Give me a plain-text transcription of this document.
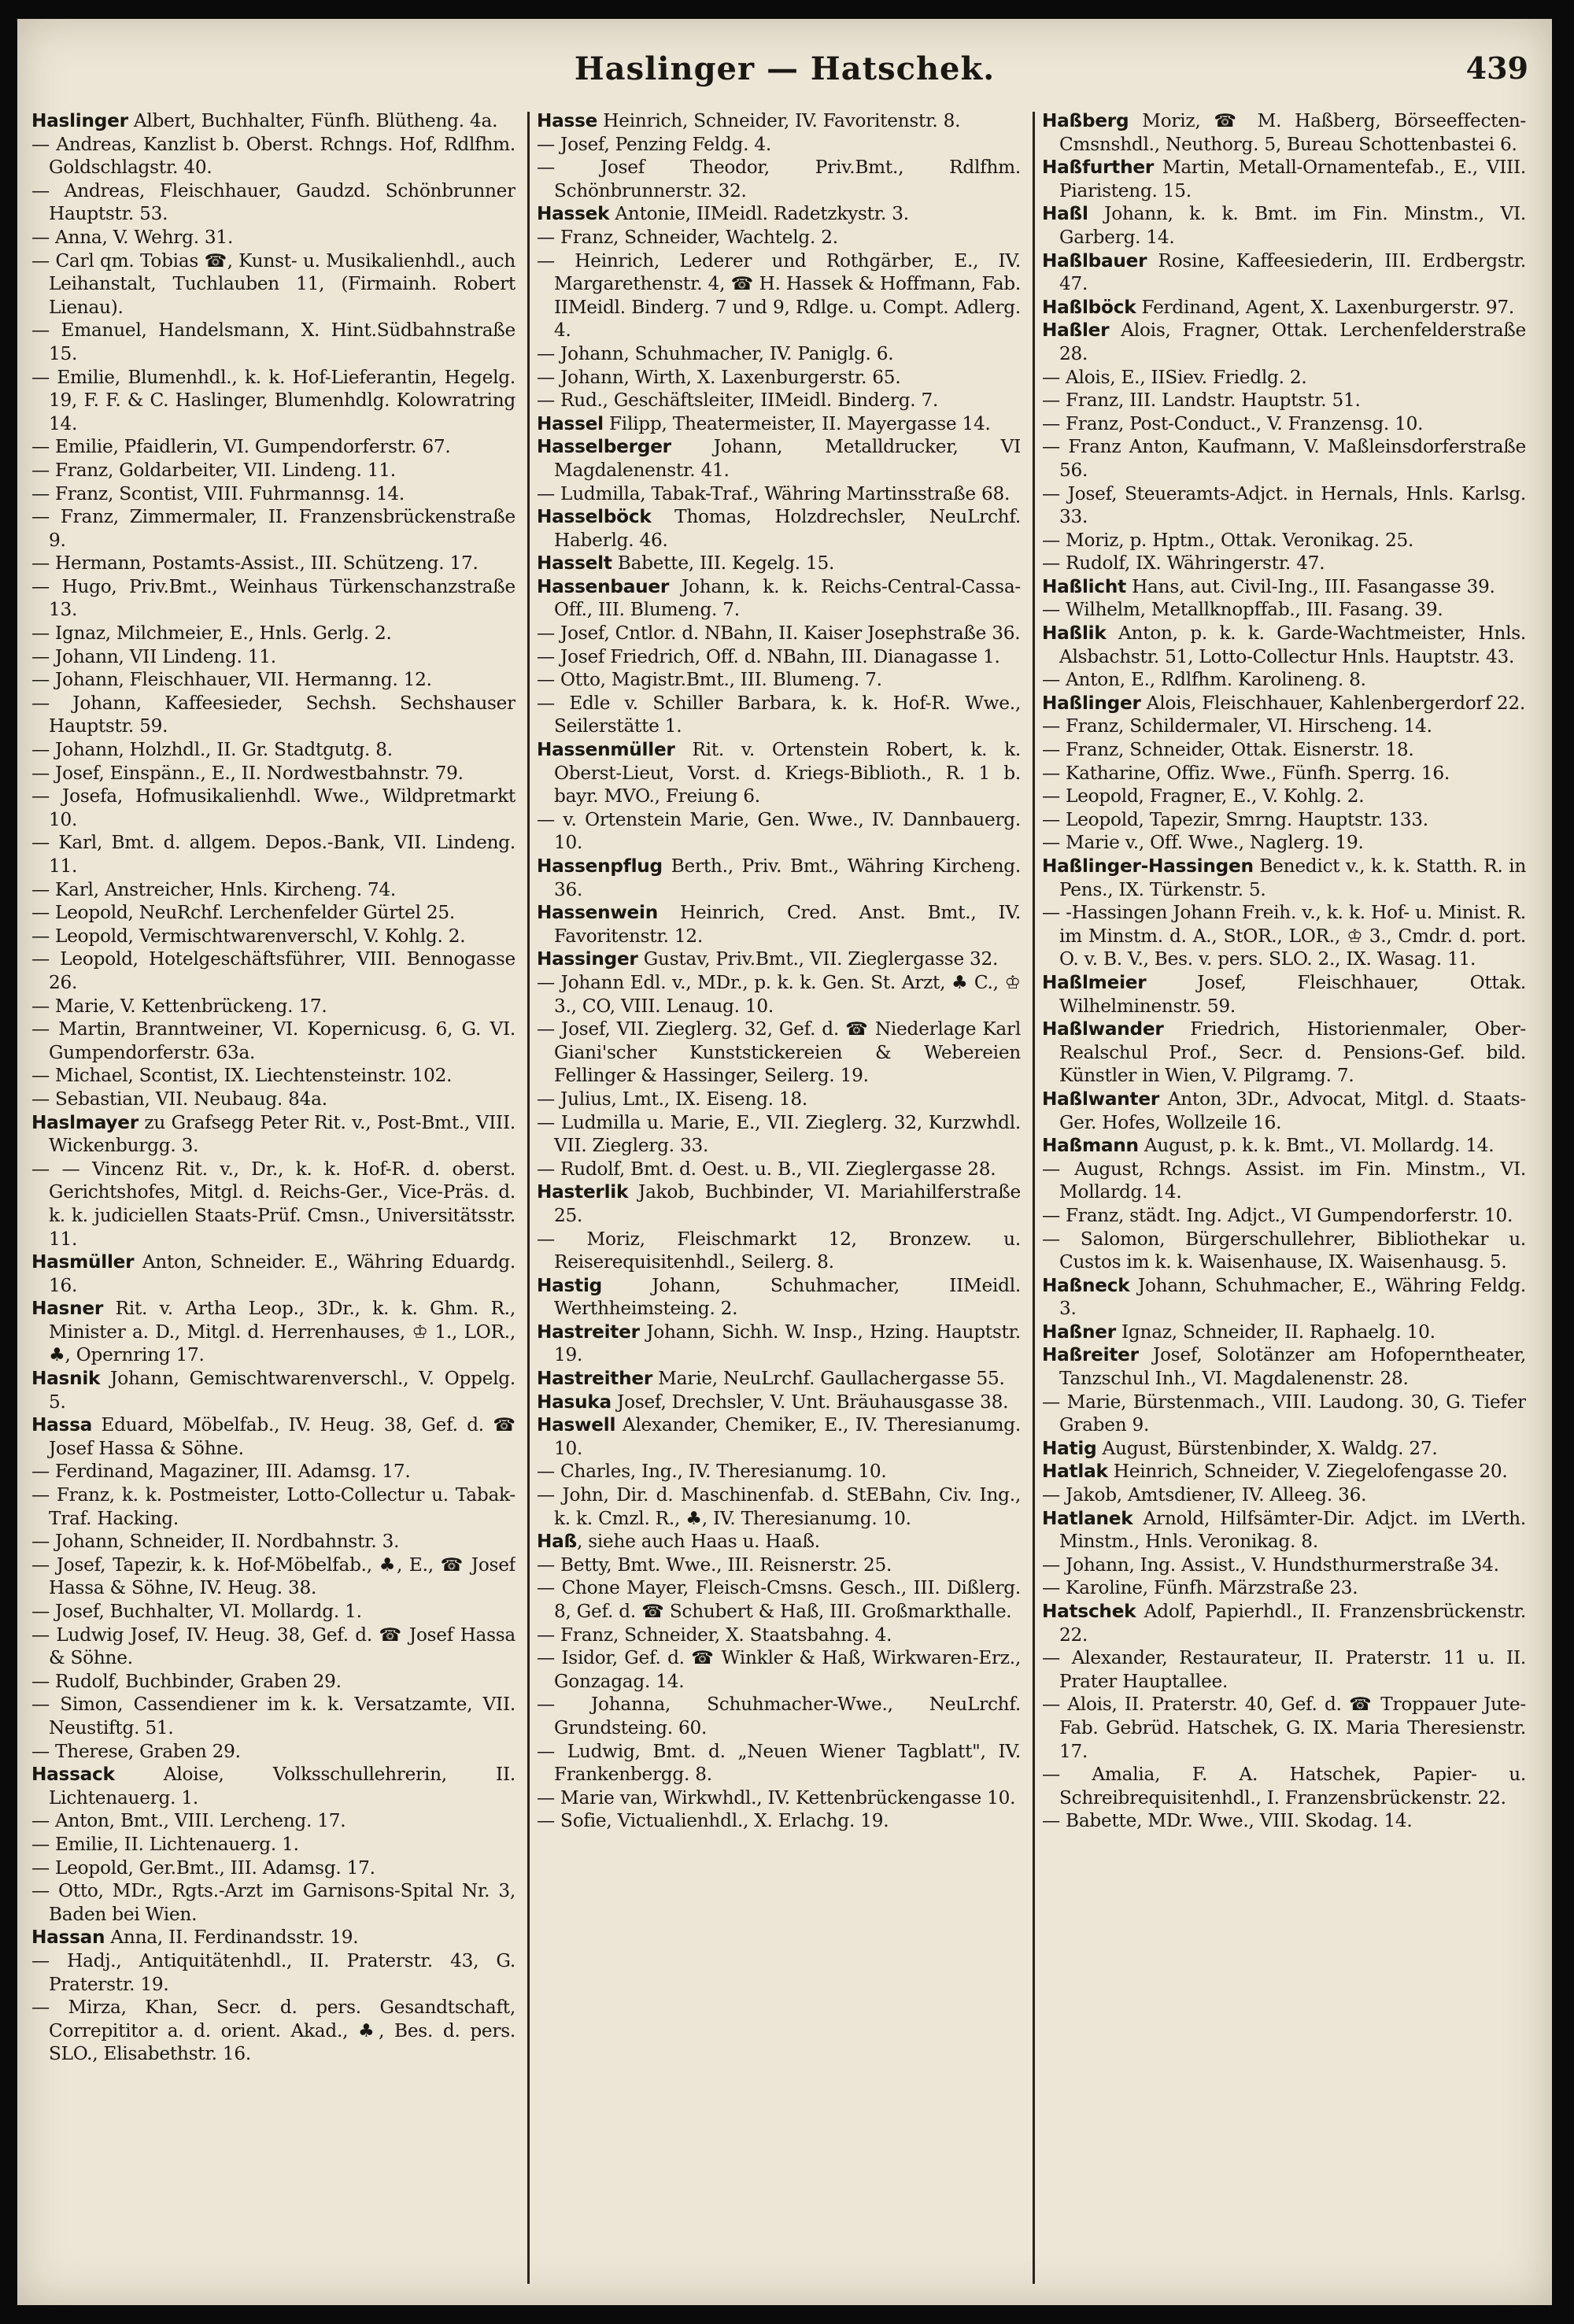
Haslinger — Hatschek.	439
Haslinger Albert, Buchhalter, Fünfh. Blütheng. 4a.
— Andreas, Kanzlist b. Oberst. Rchngs. Hof, Rdlfhm. Goldschlagstr. 40.
— Andreas, Fleischhauer, Gaudzd. Schönbrunner Hauptstr. 53.
— Anna, V. Wehrg. 31.
— Carl qm. Tobias ☎, Kunst- u. Musikalienhdl., auch Leihanstalt, Tuchlauben 11, (Firmainh. Robert Lienau).
— Emanuel, Handelsmann, X. Hint.Südbahnstraße 15.
— Emilie, Blumenhdl., k. k. Hof-Lieferantin, Hegelg. 19, F. F. & C. Haslinger, Blumenhdlg. Kolowratring 14.
— Emilie, Pfaidlerin, VI. Gumpendorferstr. 67.
— Franz, Goldarbeiter, VII. Lindeng. 11.
— Franz, Scontist, VIII. Fuhrmannsg. 14.
— Franz, Zimmermaler, II. Franzensbrückenstraße 9.
— Hermann, Postamts-Assist., III. Schützeng. 17.
— Hugo, Priv.Bmt., Weinhaus Türkenschanzstraße 13.
— Ignaz, Milchmeier, E., Hnls. Gerlg. 2.
— Johann, VII Lindeng. 11.
— Johann, Fleischhauer, VII. Hermanng. 12.
— Johann, Kaffeesieder, Sechsh. Sechshauser Hauptstr. 59.
— Johann, Holzhdl., II. Gr. Stadtgutg. 8.
— Josef, Einspänn., E., II. Nordwestbahnstr. 79.
— Josefa, Hofmusikalienhdl. Wwe., Wildpretmarkt 10.
— Karl, Bmt. d. allgem. Depos.-Bank, VII. Lindeng. 11.
— Karl, Anstreicher, Hnls. Kircheng. 74.
— Leopold, NeuRchf. Lerchenfelder Gürtel 25.
— Leopold, Vermischtwarenverschl, V. Kohlg. 2.
— Leopold, Hotelgeschäftsführer, VIII. Bennogasse 26.
— Marie, V. Kettenbrückeng. 17.
— Martin, Branntweiner, VI. Kopernicusg. 6, G. VI. Gumpendorferstr. 63a.
— Michael, Scontist, IX. Liechtensteinstr. 102.
— Sebastian, VII. Neubaug. 84a.
Haslmayer zu Grafsegg Peter Rit. v., Post-Bmt., VIII. Wickenburgg. 3.
— — Vincenz Rit. v., Dr., k. k. Hof-R. d. oberst. Gerichtshofes, Mitgl. d. Reichs-Ger., Vice-Präs. d. k. k. judiciellen Staats-Prüf. Cmsn., Universitätsstr. 11.
Hasmüller Anton, Schneider. E., Währing Eduardg. 16.
Hasner Rit. v. Artha Leop., 3Dr., k. k. Ghm. R., Minister a. D., Mitgl. d. Herrenhauses, ♔ 1., LOR., ♣, Opernring 17.
Hasnik Johann, Gemischtwarenverschl., V. Oppelg. 5.
Hassa Eduard, Möbelfab., IV. Heug. 38, Gef. d. ☎ Josef Hassa & Söhne.
— Ferdinand, Magaziner, III. Adamsg. 17.
— Franz, k. k. Postmeister, Lotto-Collectur u. Tabak-Traf. Hacking.
— Johann, Schneider, II. Nordbahnstr. 3.
— Josef, Tapezir, k. k. Hof-Möbelfab., ♣, E., ☎ Josef Hassa & Söhne, IV. Heug. 38.
— Josef, Buchhalter, VI. Mollardg. 1.
— Ludwig Josef, IV. Heug. 38, Gef. d. ☎ Josef Hassa & Söhne.
— Rudolf, Buchbinder, Graben 29.
— Simon, Cassendiener im k. k. Versatzamte, VII. Neustiftg. 51.
— Therese, Graben 29.
Hassack Aloise, Volksschullehrerin, II. Lichtenauerg. 1.
— Anton, Bmt., VIII. Lercheng. 17.
— Emilie, II. Lichtenauerg. 1.
— Leopold, Ger.Bmt., III. Adamsg. 17.
— Otto, MDr., Rgts.-Arzt im Garnisons-Spital Nr. 3, Baden bei Wien.
Hassan Anna, II. Ferdinandsstr. 19.
— Hadj., Antiquitätenhdl., II. Praterstr. 43, G. Praterstr. 19.
— Mirza, Khan, Secr. d. pers. Gesandtschaft, Correpititor a. d. orient. Akad., ♣, Bes. d. pers. SLO., Elisabethstr. 16.
Hasse Heinrich, Schneider, IV. Favoritenstr. 8.
— Josef, Penzing Feldg. 4.
— Josef Theodor, Priv.Bmt., Rdlfhm. Schönbrunnerstr. 32.
Hassek Antonie, IIMeidl. Radetzkystr. 3.
— Franz, Schneider, Wachtelg. 2.
— Heinrich, Lederer und Rothgärber, E., IV. Margarethenstr. 4, ☎ H. Hassek & Hoffmann, Fab. IIMeidl. Binderg. 7 und 9, Rdlge. u. Compt. Adlerg. 4.
— Johann, Schuhmacher, IV. Paniglg. 6.
— Johann, Wirth, X. Laxenburgerstr. 65.
— Rud., Geschäftsleiter, IIMeidl. Binderg. 7.
Hassel Filipp, Theatermeister, II. Mayergasse 14.
Hasselberger Johann, Metalldrucker, VI Magdalenenstr. 41.
— Ludmilla, Tabak-Traf., Währing Martinsstraße 68.
Hasselböck Thomas, Holzdrechsler, NeuLrchf. Haberlg. 46.
Hasselt Babette, III. Kegelg. 15.
Hassenbauer Johann, k. k. Reichs-Central-Cassa-Off., III. Blumeng. 7.
— Josef, Cntlor. d. NBahn, II. Kaiser Josephstraße 36.
— Josef Friedrich, Off. d. NBahn, III. Dianagasse 1.
— Otto, Magistr.Bmt., III. Blumeng. 7.
— Edle v. Schiller Barbara, k. k. Hof-R. Wwe., Seilerstätte 1.
Hassenmüller Rit. v. Ortenstein Robert, k. k. Oberst-Lieut, Vorst. d. Kriegs-Biblioth., R. 1 b. bayr. MVO., Freiung 6.
— v. Ortenstein Marie, Gen. Wwe., IV. Dannbauerg. 10.
Hassenpflug Berth., Priv. Bmt., Währing Kircheng. 36.
Hassenwein Heinrich, Cred. Anst. Bmt., IV. Favoritenstr. 12.
Hassinger Gustav, Priv.Bmt., VII. Zieglergasse 32.
— Johann Edl. v., MDr., p. k. k. Gen. St. Arzt, ♣ C., ♔ 3., CO, VIII. Lenaug. 10.
— Josef, VII. Zieglerg. 32, Gef. d. ☎ Niederlage Karl Giani'scher Kunststickereien & Webereien Fellinger & Hassinger, Seilerg. 19.
— Julius, Lmt., IX. Eiseng. 18.
— Ludmilla u. Marie, E., VII. Zieglerg. 32, Kurzwhdl. VII. Zieglerg. 33.
— Rudolf, Bmt. d. Oest. u. B., VII. Zieglergasse 28.
Hasterlik Jakob, Buchbinder, VI. Mariahilferstraße 25.
— Moriz, Fleischmarkt 12, Bronzew. u. Reiserequisitenhdl., Seilerg. 8.
Hastig Johann, Schuhmacher, IIMeidl. Werthheimsteing. 2.
Hastreiter Johann, Sichh. W. Insp., Hzing. Hauptstr. 19.
Hastreither Marie, NeuLrchf. Gaullachergasse 55.
Hasuka Josef, Drechsler, V. Unt. Bräuhausgasse 38.
Haswell Alexander, Chemiker, E., IV. Theresianumg. 10.
— Charles, Ing., IV. Theresianumg. 10.
— John, Dir. d. Maschinenfab. d. StEBahn, Civ. Ing., k. k. Cmzl. R., ♣, IV. Theresianumg. 10.
Haß, siehe auch Haas u. Haaß.
— Betty, Bmt. Wwe., III. Reisnerstr. 25.
— Chone Mayer, Fleisch-Cmsns. Gesch., III. Dißlerg. 8, Gef. d. ☎ Schubert & Haß, III. Großmarkthalle.
— Franz, Schneider, X. Staatsbahng. 4.
— Isidor, Gef. d. ☎ Winkler & Haß, Wirkwaren-Erz., Gonzagag. 14.
— Johanna, Schuhmacher-Wwe., NeuLrchf. Grundsteing. 60.
— Ludwig, Bmt. d. „Neuen Wiener Tagblatt", IV. Frankenbergg. 8.
— Marie van, Wirkwhdl., IV. Kettenbrückengasse 10.
— Sofie, Victualienhdl., X. Erlachg. 19.
Haßberg Moriz, ☎ M. Haßberg, Börseeffecten-Cmsnshdl., Neuthorg. 5, Bureau Schottenbastei 6.
Haßfurther Martin, Metall-Ornamentefab., E., VIII. Piaristeng. 15.
Haßl Johann, k. k. Bmt. im Fin. Minstm., VI. Garberg. 14.
Haßlbauer Rosine, Kaffeesiederin, III. Erdbergstr. 47.
Haßlböck Ferdinand, Agent, X. Laxenburgerstr. 97.
Haßler Alois, Fragner, Ottak. Lerchenfelderstraße 28.
— Alois, E., IISiev. Friedlg. 2.
— Franz, III. Landstr. Hauptstr. 51.
— Franz, Post-Conduct., V. Franzensg. 10.
— Franz Anton, Kaufmann, V. Maßleinsdorferstraße 56.
— Josef, Steueramts-Adjct. in Hernals, Hnls. Karlsg. 33.
— Moriz, p. Hptm., Ottak. Veronikag. 25.
— Rudolf, IX. Währingerstr. 47.
Haßlicht Hans, aut. Civil-Ing., III. Fasangasse 39.
— Wilhelm, Metallknopffab., III. Fasang. 39.
Haßlik Anton, p. k. k. Garde-Wachtmeister, Hnls. Alsbachstr. 51, Lotto-Collectur Hnls. Hauptstr. 43.
— Anton, E., Rdlfhm. Karolineng. 8.
Haßlinger Alois, Fleischhauer, Kahlenbergerdorf 22.
— Franz, Schildermaler, VI. Hirscheng. 14.
— Franz, Schneider, Ottak. Eisnerstr. 18.
— Katharine, Offiz. Wwe., Fünfh. Sperrg. 16.
— Leopold, Fragner, E., V. Kohlg. 2.
— Leopold, Tapezir, Smrng. Hauptstr. 133.
— Marie v., Off. Wwe., Naglerg. 19.
Haßlinger-Hassingen Benedict v., k. k. Statth. R. in Pens., IX. Türkenstr. 5.
— -Hassingen Johann Freih. v., k. k. Hof- u. Minist. R. im Minstm. d. A., StOR., LOR., ♔ 3., Cmdr. d. port. O. v. B. V., Bes. v. pers. SLO. 2., IX. Wasag. 11.
Haßlmeier Josef, Fleischhauer, Ottak. Wilhelminenstr. 59.
Haßlwander Friedrich, Historienmaler, Ober-Realschul Prof., Secr. d. Pensions-Gef. bild. Künstler in Wien, V. Pilgramg. 7.
Haßlwanter Anton, 3Dr., Advocat, Mitgl. d. Staats-Ger. Hofes, Wollzeile 16.
Haßmann August, p. k. k. Bmt., VI. Mollardg. 14.
— August, Rchngs. Assist. im Fin. Minstm., VI. Mollardg. 14.
— Franz, städt. Ing. Adjct., VI Gumpendorferstr. 10.
— Salomon, Bürgerschullehrer, Bibliothekar u. Custos im k. k. Waisenhause, IX. Waisenhausg. 5.
Haßneck Johann, Schuhmacher, E., Währing Feldg. 3.
Haßner Ignaz, Schneider, II. Raphaelg. 10.
Haßreiter Josef, Solotänzer am Hofoperntheater, Tanzschul Inh., VI. Magdalenenstr. 28.
— Marie, Bürstenmach., VIII. Laudong. 30, G. Tiefer Graben 9.
Hatig August, Bürstenbinder, X. Waldg. 27.
Hatlak Heinrich, Schneider, V. Ziegelofengasse 20.
— Jakob, Amtsdiener, IV. Alleeg. 36.
Hatlanek Arnold, Hilfsämter-Dir. Adjct. im LVerth. Minstm., Hnls. Veronikag. 8.
— Johann, Ing. Assist., V. Hundsthurmerstraße 34.
— Karoline, Fünfh. Märzstraße 23.
Hatschek Adolf, Papierhdl., II. Franzensbrückenstr. 22.
— Alexander, Restaurateur, II. Praterstr. 11 u. II. Prater Hauptallee.
— Alois, II. Praterstr. 40, Gef. d. ☎ Troppauer Jute-Fab. Gebrüd. Hatschek, G. IX. Maria Theresienstr. 17.
— Amalia, F. A. Hatschek, Papier- u. Schreibrequisitenhdl., I. Franzensbrückenstr. 22.
— Babette, MDr. Wwe., VIII. Skodag. 14.
